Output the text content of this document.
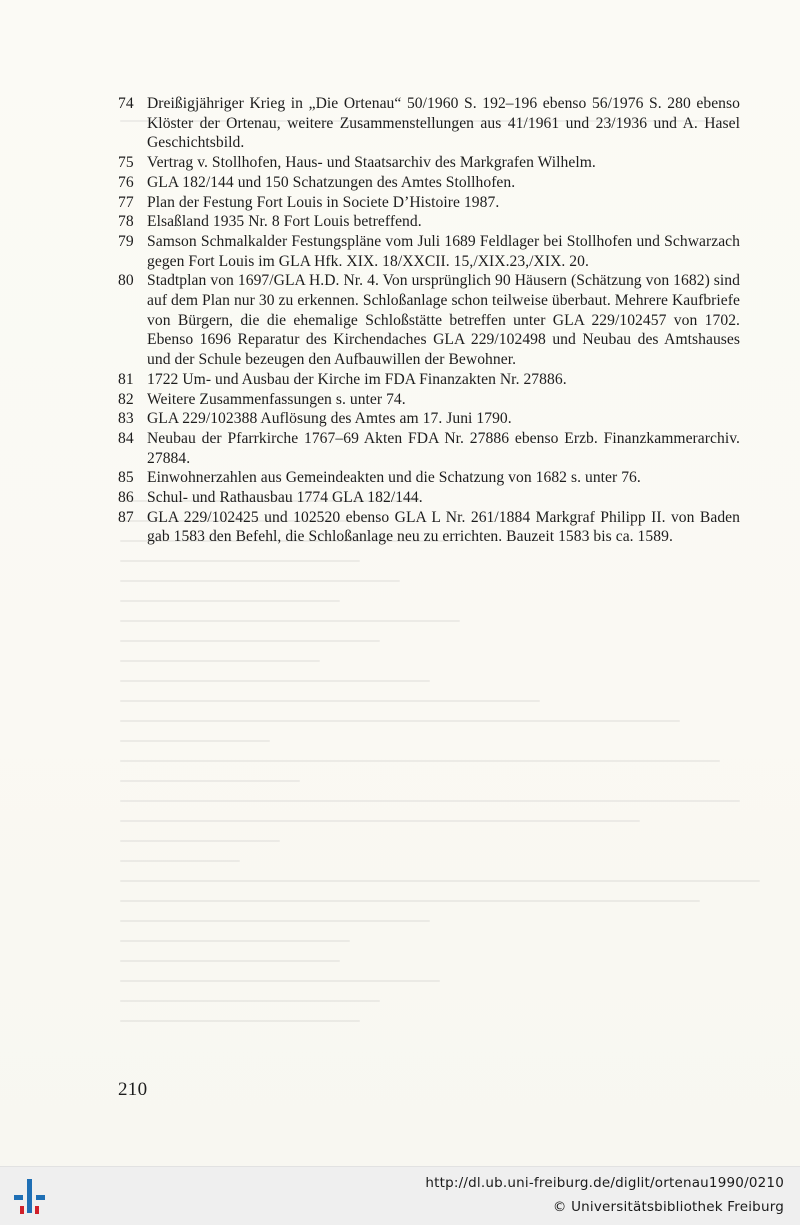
74 Dreißigjähriger Krieg in „Die Ortenau“ 50/1960 S. 192–196 ebenso 56/1976 S. 280 ebenso Klöster der Ortenau, weitere Zusammenstellungen aus 41/1961 und 23/1936 und A. Hasel Geschichtsbild.
75 Vertrag v. Stollhofen, Haus- und Staatsarchiv des Markgrafen Wilhelm.
76 GLA 182/144 und 150 Schatzungen des Amtes Stollhofen.
77 Plan der Festung Fort Louis in Societe D’Histoire 1987.
78 Elsaßland 1935 Nr. 8 Fort Louis betreffend.
79 Samson Schmalkalder Festungspläne vom Juli 1689 Feldlager bei Stollhofen und Schwarzach gegen Fort Louis im GLA Hfk. XIX. 18/XXCII. 15,/XIX.23,/XIX. 20.
80 Stadtplan von 1697/GLA H.D. Nr. 4. Von ursprünglich 90 Häusern (Schätzung von 1682) sind auf dem Plan nur 30 zu erkennen. Schloßanlage schon teilweise überbaut. Mehrere Kaufbriefe von Bürgern, die die ehemalige Schloßstätte betreffen unter GLA 229/102457 von 1702. Ebenso 1696 Reparatur des Kirchendaches GLA 229/102498 und Neubau des Amtshauses und der Schule bezeugen den Aufbauwillen der Bewohner.
81 1722 Um- und Ausbau der Kirche im FDA Finanzakten Nr. 27886.
82 Weitere Zusammenfassungen s. unter 74.
83 GLA 229/102388 Auflösung des Amtes am 17. Juni 1790.
84 Neubau der Pfarrkirche 1767–69 Akten FDA Nr. 27886 ebenso Erzb. Finanzkammerarchiv. 27884.
85 Einwohnerzahlen aus Gemeindeakten und die Schatzung von 1682 s. unter 76.
86 Schul- und Rathausbau 1774 GLA 182/144.
87 GLA 229/102425 und 102520 ebenso GLA L Nr. 261/1884 Markgraf Philipp II. von Baden gab 1583 den Befehl, die Schloßanlage neu zu errichten. Bauzeit 1583 bis ca. 1589.
210
http://dl.ub.uni-freiburg.de/diglit/ortenau1990/0210
© Universitätsbibliothek Freiburg
